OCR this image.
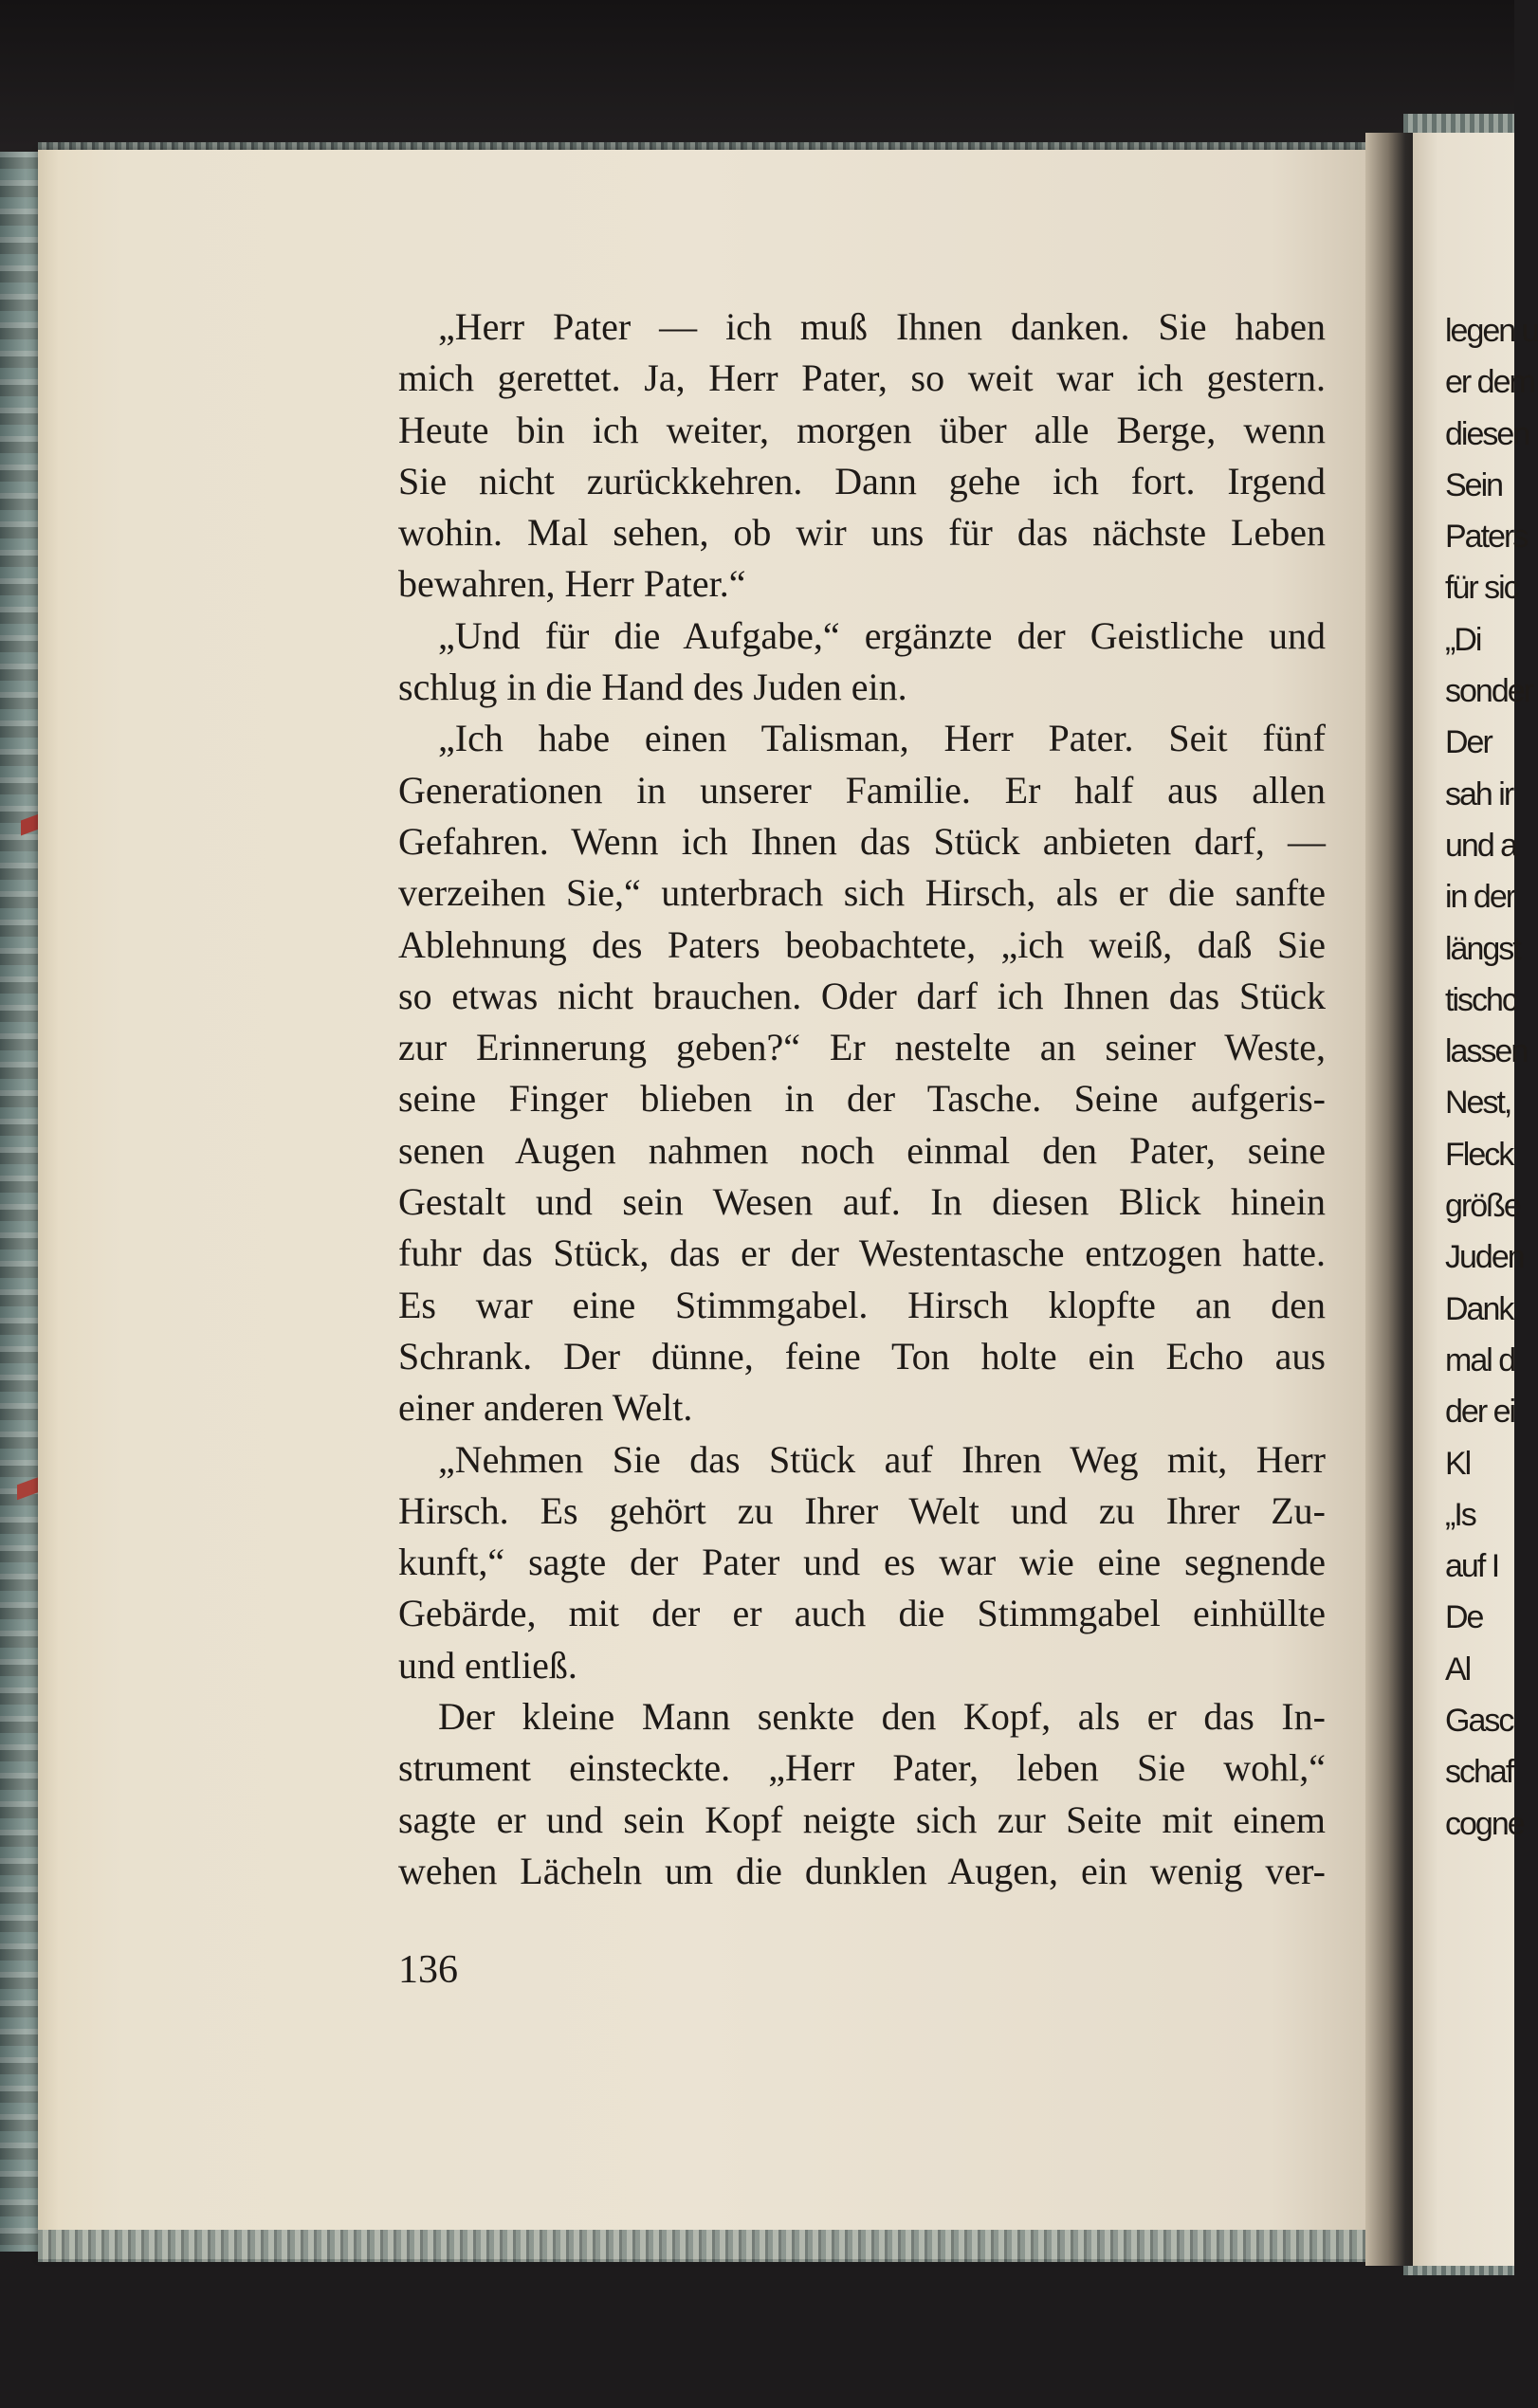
„Herr Pater — ich muß Ihnen danken. Sie haben
mich gerettet. Ja, Herr Pater, so weit war ich gestern.
Heute bin ich weiter, morgen über alle Berge, wenn
Sie nicht zurückkehren. Dann gehe ich fort. Irgend
wohin. Mal sehen, ob wir uns für das nächste Leben
bewahren, Herr Pater.“
„Und für die Aufgabe,“ ergänzte der Geistliche und
schlug in die Hand des Juden ein.
„Ich habe einen Talisman, Herr Pater. Seit fünf
Generationen in unserer Familie. Er half aus allen
Gefahren. Wenn ich Ihnen das Stück anbieten darf, —
verzeihen Sie,“ unterbrach sich Hirsch, als er die sanfte
Ablehnung des Paters beobachtete, „ich weiß, daß Sie
so etwas nicht brauchen. Oder darf ich Ihnen das Stück
zur Erinnerung geben?“ Er nestelte an seiner Weste,
seine Finger blieben in der Tasche. Seine aufgeris-
senen Augen nahmen noch einmal den Pater, seine
Gestalt und sein Wesen auf. In diesen Blick hinein
fuhr das Stück, das er der Westentasche entzogen hatte.
Es war eine Stimmgabel. Hirsch klopfte an den
Schrank. Der dünne, feine Ton holte ein Echo aus
einer anderen Welt.
„Nehmen Sie das Stück auf Ihren Weg mit, Herr
Hirsch. Es gehört zu Ihrer Welt und zu Ihrer Zu-
kunft,“ sagte der Pater und es war wie eine segnende
Gebärde, mit der er auch die Stimmgabel einhüllte
und entließ.
Der kleine Mann senkte den Kopf, als er das In-
strument einsteckte. „Herr Pater, leben Sie wohl,“
sagte er und sein Kopf neigte sich zur Seite mit einem
wehen Lächeln um die dunklen Augen, ein wenig ver-
136
legen u
er dem
diesen
Sein
Paters
für sic
„Di
sonder
Der
sah ir
und a
in der
längst
tischc
lassen
Nest,
Fleck
größe
Juden
Dank
mal d
der ei
Kl
„Is
auf I
De
Al
Gasc
schaf
cogne
